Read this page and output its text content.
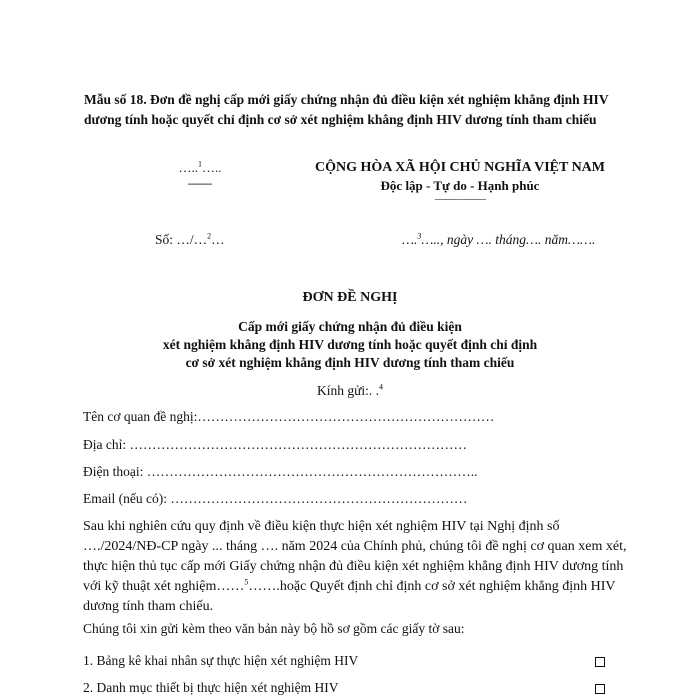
Mẫu số 18. Đơn đề nghị cấp mới giấy chứng nhận đủ điều kiện xét nghiệm khẳng định HIV dương tính hoặc quyết chỉ định cơ sở xét nghiệm khẳng định HIV dương tính tham chiếu
…..$^1$…..
––––
CỘNG HÒA XÃ HỘI CHỦ NGHĨA VIỆT NAM
Độc lập - Tự do - Hạnh phúc
—————
Số: …/…$^2$…	….$^3$….., ngày …. tháng…. năm…….
ĐƠN ĐỀ NGHỊ
Cấp mới giấy chứng nhận đủ điều kiện
xét nghiệm khẳng định HIV dương tính hoặc quyết định chỉ định
cơ sở xét nghiệm khẳng định HIV dương tính tham chiếu
Kính gửi:. .$^4$
Tên cơ quan đề nghị:…………………………………………………………
Địa chỉ: …………………………………………………………………
Điện thoại: ………………………………………………………………..
Email (nếu có): …………………………………………………………
Sau khi nghiên cứu quy định về điều kiện thực hiện xét nghiệm HIV tại Nghị định số …./2024/NĐ-CP ngày ... tháng …. năm 2024 của Chính phủ, chúng tôi đề nghị cơ quan xem xét, thực hiện thủ tục cấp mới Giấy chứng nhận đủ điều kiện xét nghiệm khẳng định HIV dương tính với kỹ thuật xét nghiệm……$^5$…….hoặc Quyết định chỉ định cơ sở xét nghiệm khẳng định HIV dương tính tham chiếu.
Chúng tôi xin gửi kèm theo văn bản này bộ hồ sơ gồm các giấy tờ sau:
1. Bảng kê khai nhân sự thực hiện xét nghiệm HIV
2. Danh mục thiết bị thực hiện xét nghiệm HIV
